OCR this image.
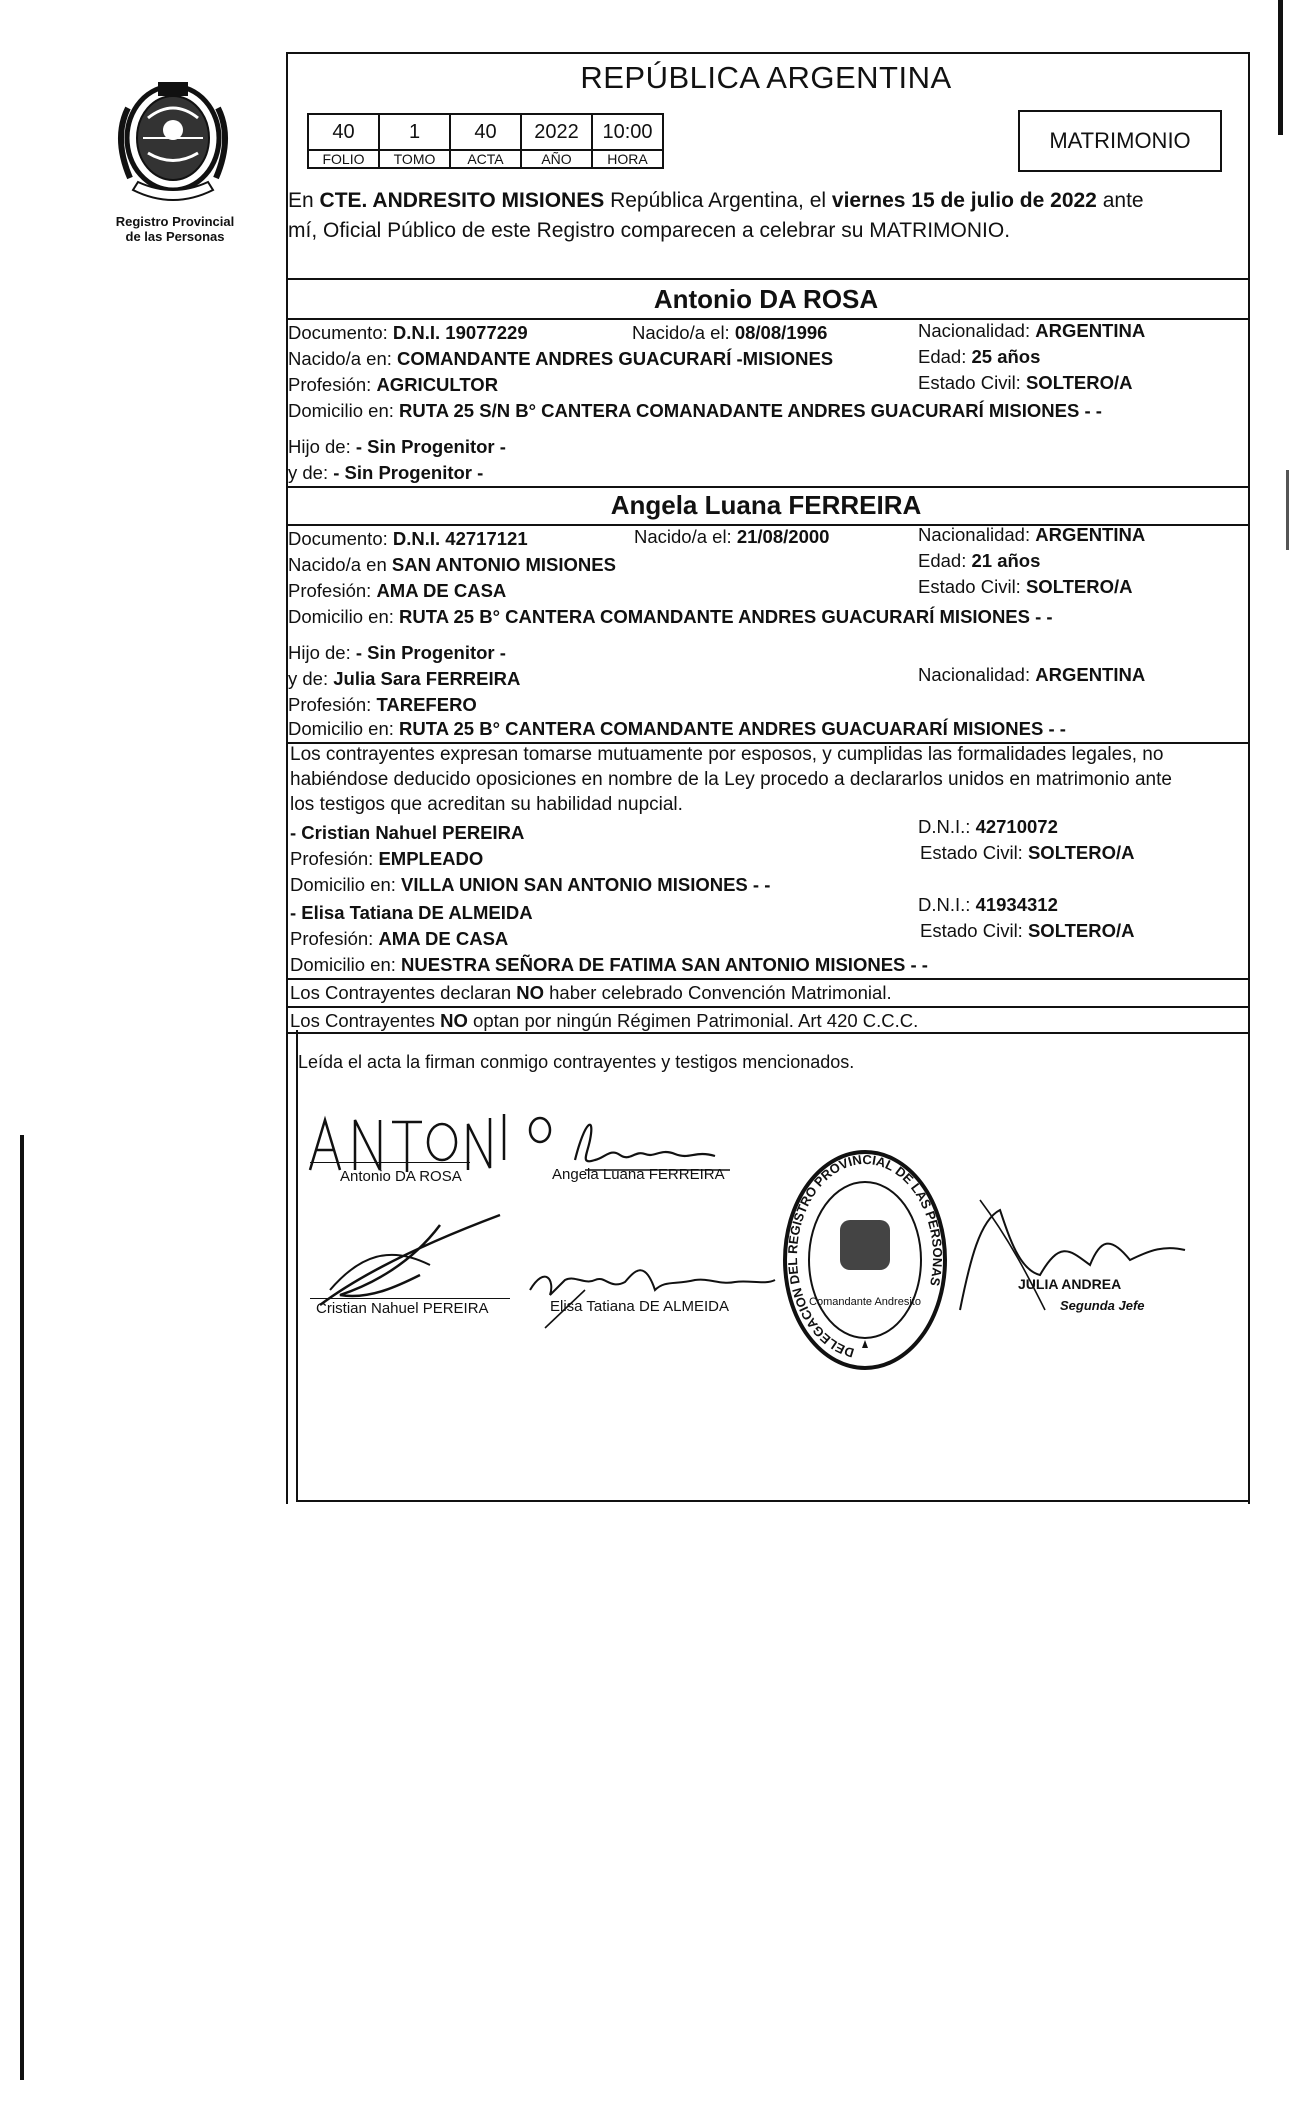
Registro Provincial
de las Personas
REPÚBLICA ARGENTINA
40	1	40	2022	10:00
FOLIO	TOMO	ACTA	AÑO	HORA
MATRIMONIO
En CTE. ANDRESITO MISIONES República Argentina, el viernes 15 de julio de 2022 ante
mí, Oficial Público de este Registro comparecen a celebrar su MATRIMONIO.
Antonio DA ROSA
Documento: D.N.I. 19077229	Nacido/a el: 08/08/1996	Nacionalidad: ARGENTINA
Nacido/a en: COMANDANTE ANDRES GUACURARÍ -MISIONES	Edad: 25 años
Profesión: AGRICULTOR	Estado Civil: SOLTERO/A
Domicilio en: RUTA 25 S/N B° CANTERA COMANADANTE ANDRES GUACURARÍ MISIONES - -
Hijo de: - Sin Progenitor -
y de: - Sin Progenitor -
Angela Luana FERREIRA
Documento: D.N.I. 42717121	Nacido/a el: 21/08/2000	Nacionalidad: ARGENTINA
Nacido/a en SAN ANTONIO MISIONES	Edad: 21 años
Profesión: AMA DE CASA	Estado Civil: SOLTERO/A
Domicilio en: RUTA 25 B° CANTERA COMANDANTE ANDRES GUACURARÍ MISIONES - -
Hijo de: - Sin Progenitor -
y de: Julia Sara FERREIRA	Nacionalidad: ARGENTINA
Profesión: TAREFERO
Domicilio en: RUTA 25 B° CANTERA COMANDANTE ANDRES GUACUARARÍ MISIONES - -
Los contrayentes expresan tomarse mutuamente por esposos, y cumplidas las formalidades legales, no
habiéndose deducido oposiciones en nombre de la Ley procedo a declararlos unidos en matrimonio ante
los testigos que acreditan su habilidad nupcial.
- Cristian Nahuel PEREIRA	D.N.I.: 42710072
Profesión: EMPLEADO	Estado Civil: SOLTERO/A
Domicilio en: VILLA UNION SAN ANTONIO MISIONES - -
- Elisa Tatiana DE ALMEIDA	D.N.I.: 41934312
Profesión: AMA DE CASA	Estado Civil: SOLTERO/A
Domicilio en: NUESTRA SEÑORA DE FATIMA SAN ANTONIO MISIONES - -
Los Contrayentes declaran NO haber celebrado Convención Matrimonial.
Los Contrayentes NO optan por ningún Régimen Patrimonial. Art 420 C.C.C.
Leída el acta la firman conmigo contrayentes y testigos mencionados.
Antonio DA ROSA	Angela Luana FERREIRA
Cristian Nahuel PEREIRA	Elisa Tatiana DE ALMEIDA
DELEGACION DEL REGISTRO PROVINCIAL DE LAS PERSONAS
Comandante Andresito
JULIA ANDREA
Segunda Jefe
